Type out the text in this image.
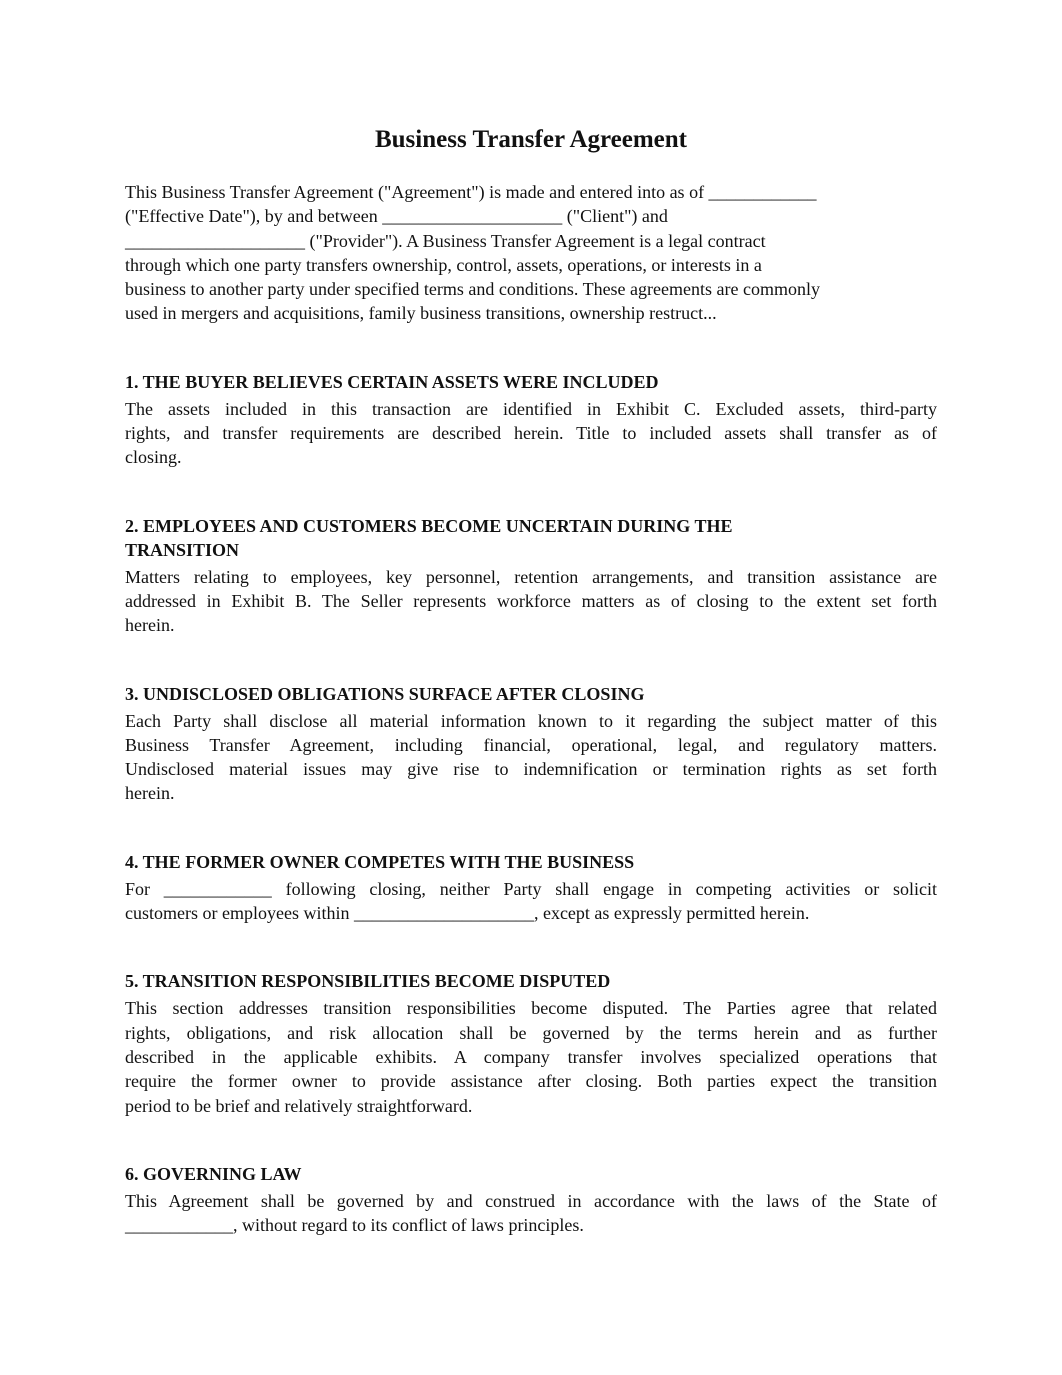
Business Transfer Agreement

This Business Transfer Agreement ("Agreement") is made and entered into as of ____________
("Effective Date"), by and between ____________________ ("Client") and
____________________ ("Provider"). A Business Transfer Agreement is a legal contract
through which one party transfers ownership, control, assets, operations, or interests in a
business to another party under specified terms and conditions. These agreements are commonly
used in mergers and acquisitions, family business transitions, ownership restruct...

1. THE BUYER BELIEVES CERTAIN ASSETS WERE INCLUDED

The assets included in this transaction are identified in Exhibit C. Excluded assets, third-party
rights, and transfer requirements are described herein. Title to included assets shall transfer as of
closing.

2. EMPLOYEES AND CUSTOMERS BECOME UNCERTAIN DURING THE
TRANSITION

Matters relating to employees, key personnel, retention arrangements, and transition assistance are
addressed in Exhibit B. The Seller represents workforce matters as of closing to the extent set forth
herein.

3. UNDISCLOSED OBLIGATIONS SURFACE AFTER CLOSING

Each Party shall disclose all material information known to it regarding the subject matter of this
Business Transfer Agreement, including financial, operational, legal, and regulatory matters.
Undisclosed material issues may give rise to indemnification or termination rights as set forth
herein.

4. THE FORMER OWNER COMPETES WITH THE BUSINESS

For ____________ following closing, neither Party shall engage in competing activities or solicit
customers or employees within ____________________, except as expressly permitted herein.

5. TRANSITION RESPONSIBILITIES BECOME DISPUTED

This section addresses transition responsibilities become disputed. The Parties agree that related
rights, obligations, and risk allocation shall be governed by the terms herein and as further
described in the applicable exhibits. A company transfer involves specialized operations that
require the former owner to provide assistance after closing. Both parties expect the transition
period to be brief and relatively straightforward.

6. GOVERNING LAW

This Agreement shall be governed by and construed in accordance with the laws of the State of
____________, without regard to its conflict of laws principles.
